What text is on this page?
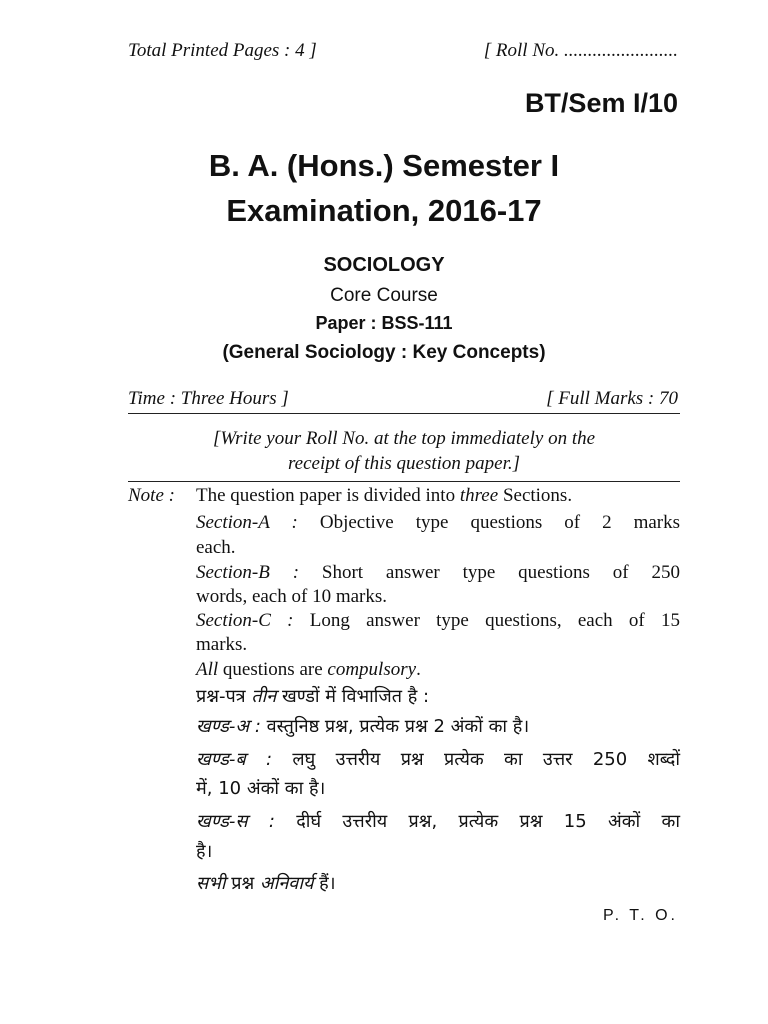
Total Printed Pages : 4 ]	[ Roll No. ........................
BT/Sem I/10
B. A. (Hons.) Semester I
Examination, 2016-17
SOCIOLOGY
Core Course
Paper : BSS-111
(General Sociology : Key Concepts)
Time : Three Hours ]	[ Full Marks : 70
[Write your Roll No. at the top immediately on the
receipt of this question paper.]
Note : The question paper is divided into three Sections.
Section-A : Objective type questions of 2 marks
each.
Section-B : Short answer type questions of 250
words, each of 10 marks.
Section-C : Long answer type questions, each of 15
marks.
All questions are compulsory.
प्रश्न-पत्र तीन खण्डों में विभाजित है :
खण्ड-अ : वस्तुनिष्ठ प्रश्न, प्रत्येक प्रश्न 2 अंकों का है।
खण्ड-ब : लघु उत्तरीय प्रश्न प्रत्येक का उत्तर 250 शब्दों
में, 10 अंकों का है।
खण्ड-स : दीर्घ उत्तरीय प्रश्न, प्रत्येक प्रश्न 15 अंकों का
है।
सभी प्रश्न अनिवार्य हैं।
P. T. O.
